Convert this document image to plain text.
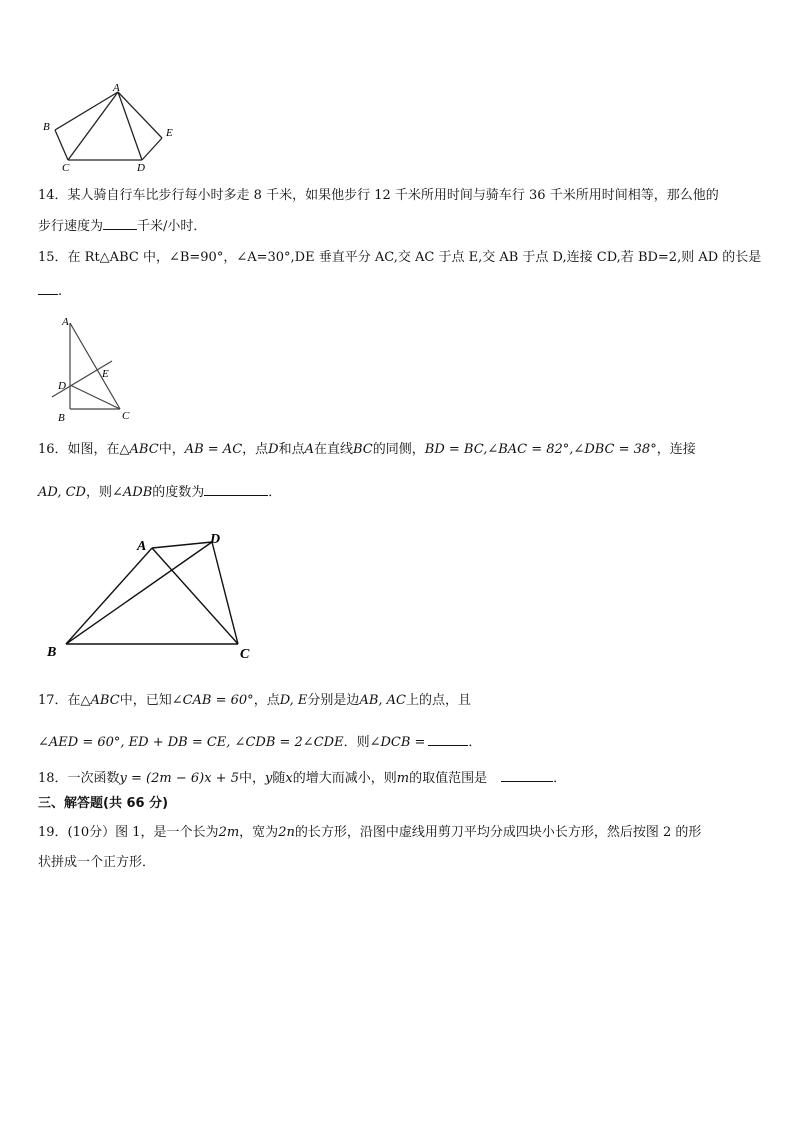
A
B
C	D
E
14．某人骑自行车比步行每小时多走 8 千米，如果他步行 12 千米所用时间与骑车行 36 千米所用时间相等，那么他的
步行速度为	千米/小时．
15．在 Rt△ABC 中，∠B=90°，∠A=30°,DE 垂直平分 AC,交 AC 于点 E,交 AB 于点 D,连接 CD,若 BD=2,则 AD 的长是
.
A
D
E
B	C
16．如图，在△ABC中，AB = AC，点D和点A在直线BC的同侧，BD = BC,∠BAC = 82°,∠DBC = 38°，连接
AD, CD，则∠ADB的度数为	．
A	D
B	C
17．在△ABC中，已知∠CAB = 60°，点D, E分别是边AB, AC上的点，且
∠AED = 60°, ED + DB = CE, ∠CDB = 2∠CDE．则∠DCB =	．
18．一次函数y = (2m − 6)x + 5中，y随x的增大而减小，则m的取值范围是	．
三、解答题(共 66 分)
19．(10分）图 1，是一个长为2m，宽为2n的长方形，沿图中虚线用剪刀平均分成四块小长方形，然后按图 2 的形
状拼成一个正方形．
